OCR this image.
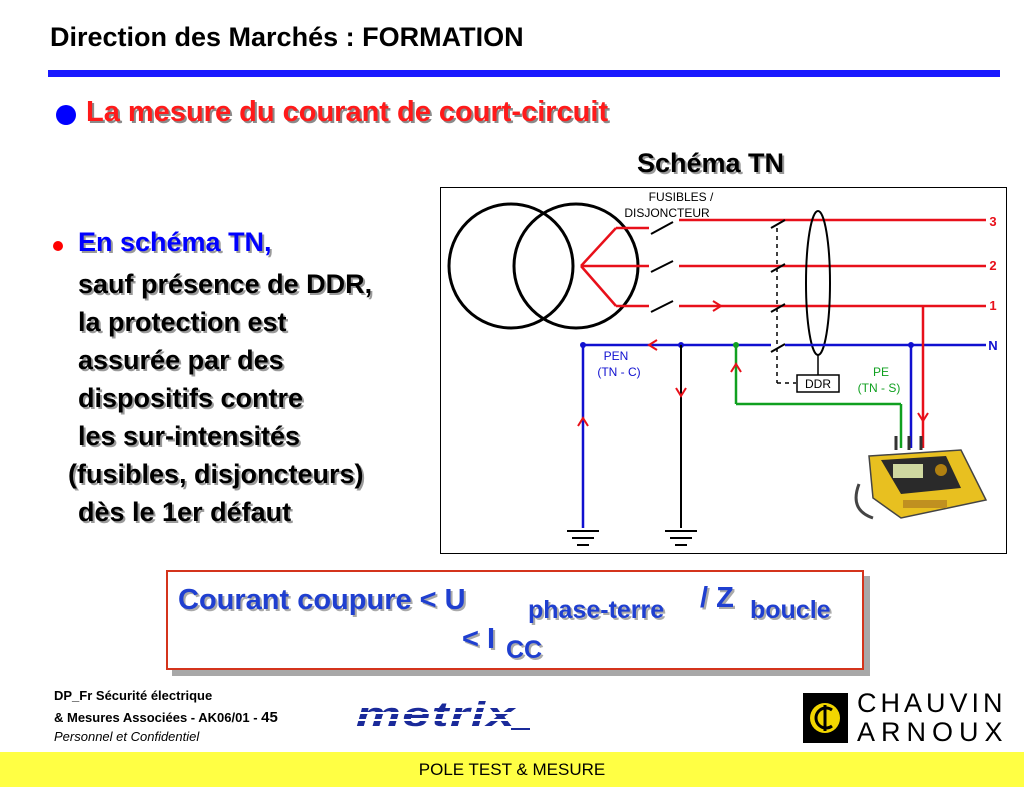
Direction des Marchés : FORMATION
La mesure du courant de court-circuit
Schéma TN
DDR
FUSIBLES /
DISJONCTEUR
3
2
1
N
PEN
(TN - C)	PE
(TN - S)
En schéma TN,
sauf présence de DDR,
la protection est
assurée par des
dispositifs contre
les sur-intensités
(fusibles, disjoncteurs)
dès le 1er défaut
Courant coupure < U phase-terre / Z boucle
< I CC
DP_Fr Sécurité électrique
& Mesures Associées - AK06/01 - 45
Personnel et Confidentiel
metrix	CHAUVIN
ARNOUX
POLE TEST & MESURE
